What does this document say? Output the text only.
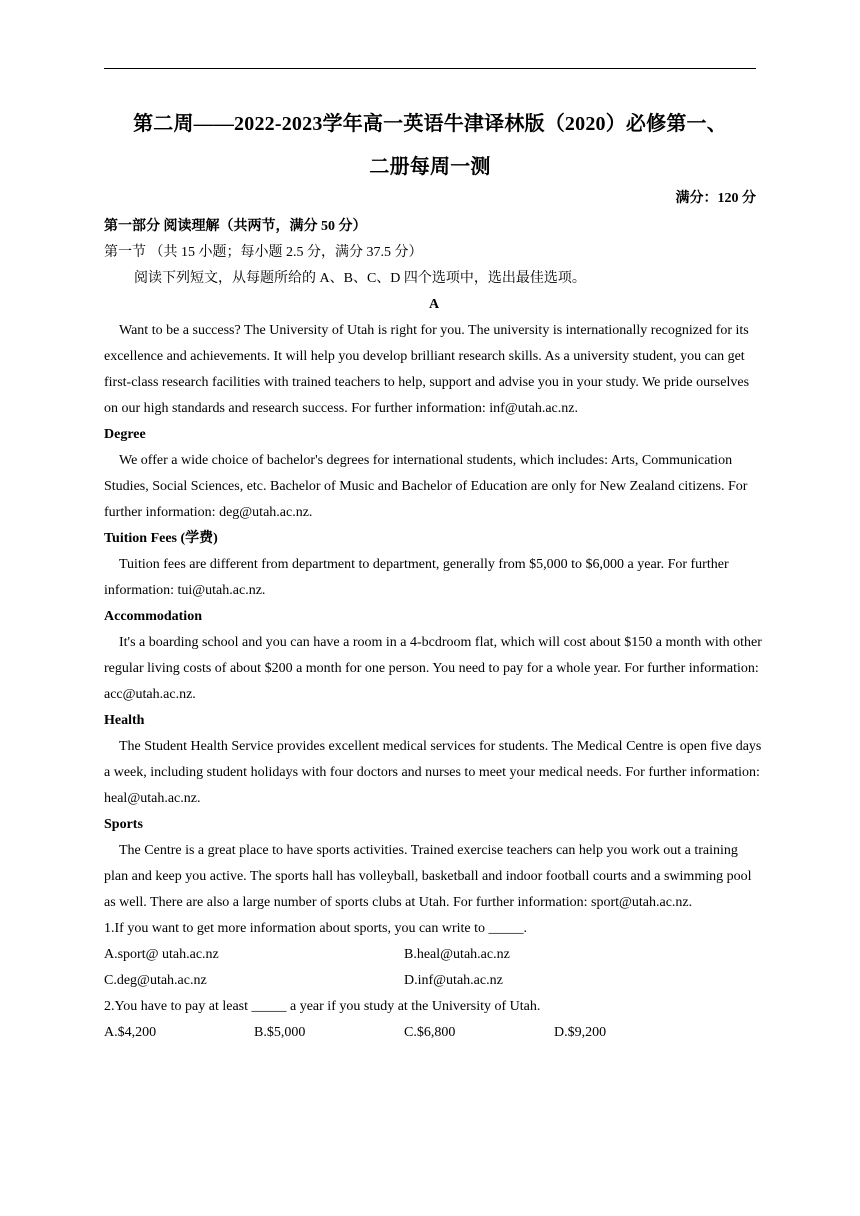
第二周——2022-2023学年高一英语牛津译林版（2020）必修第一、
二册每周一测
满分：120 分

第一部分 阅读理解（共两节，满分 50 分）

第一节 （共 15 小题；每小题 2.5 分，满分 37.5 分）

阅读下列短文，从每题所给的 A、B、C、D 四个选项中，选出最佳选项。

A

Want to be a success? The University of Utah is right for you. The university is internationally recognized for its excellence and achievements. It will help you develop brilliant research skills. As a university student, you can get first-class research facilities with trained teachers to help, support and advise you in your study. We pride ourselves on our high standards and research success. For further information: inf@utah.ac.nz.

Degree

We offer a wide choice of bachelor's degrees for international students, which includes: Arts, Communication Studies, Social Sciences, etc. Bachelor of Music and Bachelor of Education are only for New Zealand citizens. For further information: deg@utah.ac.nz.

Tuition Fees (学费)

Tuition fees are different from department to department, generally from $5,000 to $6,000 a year. For further information: tui@utah.ac.nz.

Accommodation

It's a boarding school and you can have a room in a 4-bcdroom flat, which will cost about $150 a month with other regular living costs of about $200 a month for one person. You need to pay for a whole year. For further information: acc@utah.ac.nz.

Health

The Student Health Service provides excellent medical services for students. The Medical Centre is open five days a week, including student holidays with four doctors and nurses to meet your medical needs. For further information: heal@utah.ac.nz.

Sports

The Centre is a great place to have sports activities. Trained exercise teachers can help you work out a training plan and keep you active. The sports hall has volleyball, basketball and indoor football courts and a swimming pool as well. There are also a large number of sports clubs at Utah. For further information: sport@utah.ac.nz.

1.If you want to get more information about sports, you can write to _____.

A.sport@ utah.ac.nz	B.heal@utah.ac.nz
C.deg@utah.ac.nz	D.inf@utah.ac.nz

2.You have to pay at least _____ a year if you study at the University of Utah.

A.$4,200	B.$5,000	C.$6,800	D.$9,200
